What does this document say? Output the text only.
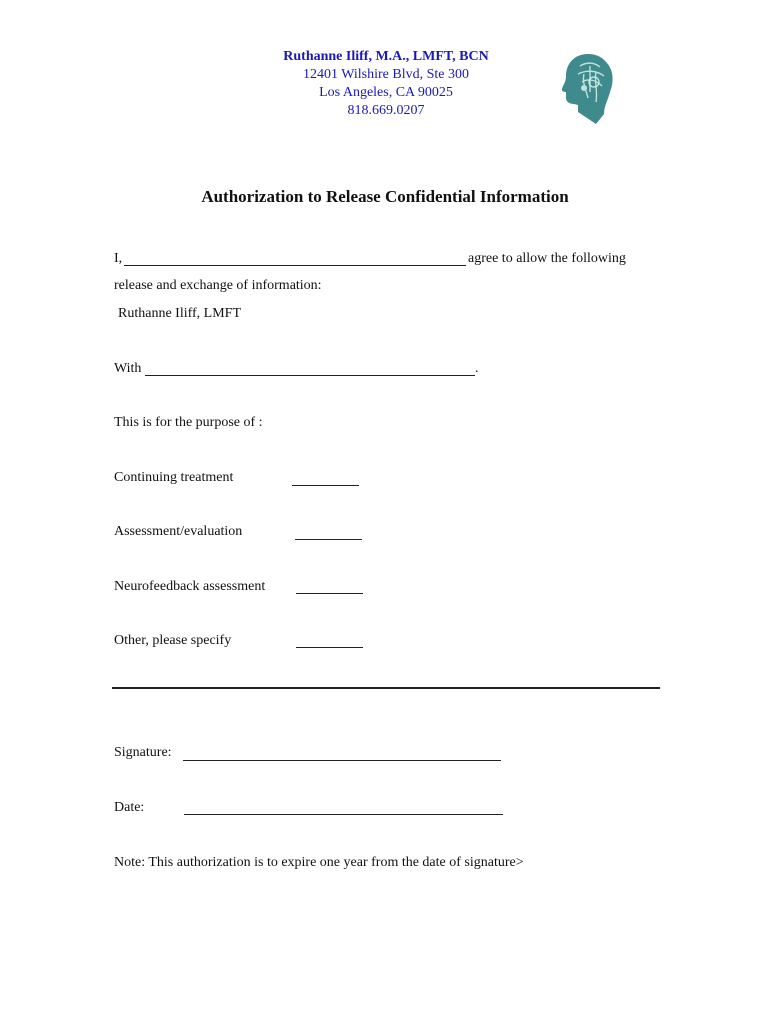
Ruthanne Iliff, M.A., LMFT, BCN
12401 Wilshire Blvd, Ste 300
Los Angeles, CA 90025
818.669.0207
Authorization to Release Confidential Information
I,	agree to allow the following
release and exchange of information:
Ruthanne Iliff, LMFT
With	.
This is for the purpose of :
Continuing treatment
Assessment/evaluation
Neurofeedback assessment
Other, please specify
Signature:
Date:
Note: This authorization is to expire one year from the date of signature>
